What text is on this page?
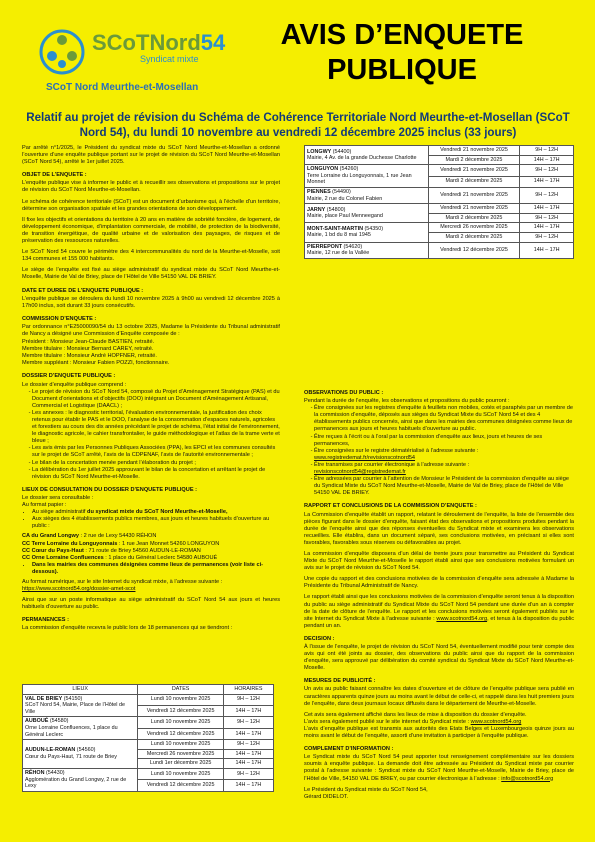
SCoTNord54
Syndicat mixte
SCoT Nord Meurthe-et-Mosellan
AVIS D’ENQUETE
PUBLIQUE
Relatif au projet de révision du Schéma de Cohérence Territoriale Nord Meurthe-et-Mosellan (SCoT Nord 54), du lundi 10 novembre au vendredi 12 décembre 2025 inclus (33 jours)

Par arrêté n°1/2025, le Président du syndicat mixte du SCoT Nord Meurthe-et-Mosellan a ordonné l’ouverture d’une enquête publique portant sur le projet de révision du SCoT Nord Meurthe-et-Mosellan (SCoT Nord 54), arrêté le 1er juillet 2025.

OBJET DE L’ENQUETE :

L’enquête publique vise à informer le public et à recueillir ses observations et propositions sur le projet de révision du SCoT Nord Meurthe-et-Mosellan.

Le schéma de cohérence territoriale (SCoT) est un document d’urbanisme qui, à l’échelle d’un territoire, détermine son organisation spatiale et les grandes orientations de son développement.

Il fixe les objectifs et orientations du territoire à 20 ans en matière de sobriété foncière, de logement, de développement économique, d’implantation commerciale, de mobilité, de protection de la biodiversité, de transition énergétique, de qualité urbaine et de valorisation des paysages, de risques et de préservation des ressources naturelles.

Le SCoT Nord 54 couvre le périmètre des 4 intercommunalités du nord de la Meurthe-et-Moselle, soit 134 communes et 155 000 habitants.

Le siège de l’enquête est fixé au siège administratif du syndicat mixte du SCoT Nord Meurthe-et-Moselle, Mairie de Val de Briey, place de l’Hôtel de Ville 54150 VAL DE BRIEY.

DATE ET DUREE DE L’ENQUETE PUBLIQUE :

L’enquête publique se déroulera du lundi 10 novembre 2025 à 9h00 au vendredi 12 décembre 2025 à 17h00 inclus, soit durant 33 jours consécutifs.

COMMISSION D’ENQUETE :

Par ordonnance n°E25000090/54 du 13 octobre 2025, Madame la Présidente du Tribunal administratif de Nancy a désigné une Commission d’Enquête composée de :

Président : Monsieur Jean-Claude BASTIEN, retraité.
Membre titulaire : Monsieur Bernard CAREY, retraité.
Membre titulaire : Monsieur André HOPFNER, retraité.
Membre suppléant : Monsieur Fabien POZZI, fonctionnaire.
DOSSIER D’ENQUETE PUBLIQUE :
Le dossier d’enquête publique comprend :
- Le projet de révision du SCoT Nord 54, composé du Projet d’Aménagement Stratégique (PAS) et du Document d’orientations et d’objectifs (DOO) intégrant un Document d’Aménagement Artisanal, Commercial et Logistique (DAACL) ;
- Les annexes : le diagnostic territorial, l’évaluation environnementale, la justification des choix retenus pour établir le PAS et le DOO, l’analyse de la consommation d’espaces naturels, agricoles et forestiers au cours des dix années précédant le projet de schéma, l’état initial de l’environnement, le diagnostic agricole, le cahier transfrontalier, le guide méthodologique et l’atlas de la trame verte et bleue ;
- Les avis émis par les Personnes Publiques Associées (PPA), les EPCI et les communes consultés sur le projet de SCoT arrêté, l’avis de la CDPENAF, l’avis de l’autorité environnementale ;
- Le bilan de la concertation menée pendant l’élaboration du projet ;
- La délibération du 1er juillet 2025 approuvant le bilan de la concertation et arrêtant le projet de révision du SCoT Nord Meurthe-et-Moselle.
LIEUX DE CONSULTATION DU DOSSIER D’ENQUETE PUBLIQUE :
Le dossier sera consultable :
Au format papier :
• Au siège administratif du syndicat mixte du SCoT Nord Meurthe-et-Moselle,
• Aux sièges des 4 établissements publics membres, aux jours et heures habituels d’ouverture au public :
CA du Grand Longwy : 2 rue de Lexy 54430 RÉHON
CC Terre Lorraine du Longuyonnais : 1 rue Jean Monnet 54260 LONGUYON
CC Cœur du Pays-Haut : 71 route de Briey 54560 AUDUN-LE-ROMAN
CC Orne Lorraine Confluences : 1 place du Général Leclerc 54580 AUBOUÉ
• Dans les mairies des communes désignées comme lieux de permanences (voir liste ci-dessous).
Au format numérique, sur le site Internet du syndicat mixte, à l’adresse suivante :
https://www.scotnord54.org/dossier-amet-scot

Ainsi que sur un poste informatique au siège administratif du SCoT Nord 54 aux jours et heures habituels d’ouverture au public.

PERMANENCES :
La commission d’enquête recevra le public lors de 18 permanences qui se tiendront :
LIEUX	DATES	HORAIRES
VAL DE BRIEY (54150)
SCoT Nord 54, Mairie, Place de l’Hôtel de Ville	Lundi 10 novembre 2025	9H – 12H
	Vendredi 12 décembre 2025	14H – 17H
AUBOUÉ (54580)
Orne Lorraine Confluences, 1 place du Général Leclerc	Lundi 10 novembre 2025	9H – 12H
	Vendredi 12 décembre 2025	14H – 17H
AUDUN-LE-ROMAN (54560)
Cœur du Pays-Haut, 71 route de Briey	Lundi 10 novembre 2025	9H – 12H
	Mercredi 26 novembre 2025	14H – 17H
	Lundi 1er décembre 2025	14H – 17H
RÉHON (54430)
Agglomération du Grand Longwy, 2 rue de Lexy	Lundi 10 novembre 2025	9H – 12H
	Vendredi 12 décembre 2025	14H – 17H
LONGWY (54400)
Mairie, 4 Av. de la grande Duchesse Charlotte	Vendredi 21 novembre 2025	9H – 12H
	Mardi 2 décembre 2025	14H – 17H
LONGUYON (54260)
Terre Lorraine du Longuyonnais, 1 rue Jean Monnet	Vendredi 21 novembre 2025	9H – 12H
	Mardi 2 décembre 2025	14H – 17H
PIENNES (54490)
Mairie, 2 rue du Colonel Fabien	Vendredi 21 novembre 2025	9H – 12H
JARNY (54800)
Mairie, place Paul Menneegand	Vendredi 21 novembre 2025	14H – 17H
	Mardi 2 décembre 2025	9H – 12H
MONT-SAINT-MARTIN (54350)
Mairie, 1 bd du 8 mai 1945	Mercredi 26 novembre 2025	14H – 17H
	Mardi 2 décembre 2025	9H – 12H
PIERREPONT (54620)
Mairie, 12 rue de la Vallée	Vendredi 12 décembre 2025	14H – 17H
OBSERVATIONS DU PUBLIC :
Pendant la durée de l’enquête, les observations et propositions du public pourront :
- Être consignées sur les registres d’enquête à feuillets non mobiles, cotés et paraphés par un membre de la commission d’enquête, déposés aux sièges du Syndicat Mixte du SCoT Nord 54 et des 4 établissements publics concernés, ainsi que dans les mairies des communes désignées comme lieux de permanences aux jours et heures habituels d’ouverture au public.
- Être reçues à l’écrit ou à l’oral par la commission d’enquête aux lieux, jours et heures de ses permanences,
- Être consignées sur le registre dématérialisé à l’adresse suivante :
www.registredemat.fr/revisionscotnord54
- Être transmises par courrier électronique à l’adresse suivante :
revisionscotnord54@registredemat.fr
- Être adressées par courrier à l’attention de Monsieur le Président de la commission d’enquête au siège du Syndicat Mixte du SCoT Nord Meurthe-et-Moselle, Mairie de Val de Briey, place de l’Hôtel de Ville 54150 VAL DE BRIEY.
RAPPORT ET CONCLUSIONS DE LA COMMISSION D’ENQUETE :

La Commission d’enquête établit un rapport, relatant le déroulement de l’enquête, la liste de l’ensemble des pièces figurant dans le dossier d’enquête, faisant état des observations et propositions produites pendant la durée de l’enquête ainsi que des réponses éventuelles du Syndicat mixte et examinera les observations recueillies. Elle établira, dans un document séparé, ses conclusions motivées, en précisant si elles sont favorables, favorables sous réserves ou défavorables au projet.

La commission d’enquête disposera d’un délai de trente jours pour transmettre au Président du Syndicat Mixte du SCoT Nord Meurthe-et-Moselle le rapport établi ainsi que ses conclusions motivées formulant un avis sur le projet de révision du SCoT Nord 54.

Une copie du rapport et des conclusions motivées de la commission d’enquête sera adressée à Madame la Présidente du Tribunal Administratif de Nancy.

Le rapport établi ainsi que les conclusions motivées de la commission d’enquête seront tenus à la disposition du public au siège administratif du Syndicat Mixte du SCoT Nord 54 pendant une durée d’un an à compter de la date de clôture de l’enquête. Le rapport et les conclusions motivées seront également publiés sur le site Internet du Syndicat Mixte à l’adresse suivante : www.scotnord54.org, et tenus à la disposition du public pendant un an.

DECISION :

À l’issue de l’enquête, le projet de révision du SCoT Nord 54, éventuellement modifié pour tenir compte des avis qui ont été joints au dossier, des observations du public ainsi que du rapport de la commission d’enquête, sera approuvé par délibération du comité syndical du Syndicat Mixte du SCoT Nord Meurthe-et-Moselle.

MESURES DE PUBLICITÉ :

Un avis au public faisant connaître les dates d’ouverture et de clôture de l’enquête publique sera publié en caractères apparents quinze jours au moins avant le début de celle-ci, et rappelé dans les huit premiers jours de l’enquête, dans deux journaux locaux diffusés dans le département de Meurthe-et-Moselle.

Cet avis sera également affiché dans les lieux de mise à disposition du dossier d’enquête.
L’avis sera également publié sur le site internet du Syndicat mixte : www.scotnord54.org

L’avis d’enquête publique est transmis aux autorités des Etats Belges et Luxembourgeois quinze jours au moins avant le début de l’enquête, assorti d’une invitation à participer à l’enquête publique.

COMPLEMENT D’INFORMATION :

Le Syndicat mixte du SCoT Nord 54 peut apporter tout renseignement complémentaire sur les dossiers soumis à enquête publique. La demande doit être adressée au Président du Syndicat mixte par courrier postal à l’adresse suivante : Syndicat mixte du SCoT Nord Meurthe-et-Moselle, Mairie de Briey, place de l’Hôtel de Ville, 54150 VAL DE BRIEY, ou par courrier électronique à l’adresse : info@scotnord54.org

Le Président du Syndicat mixte du SCoT Nord 54,
Gérard DIDELOT.
